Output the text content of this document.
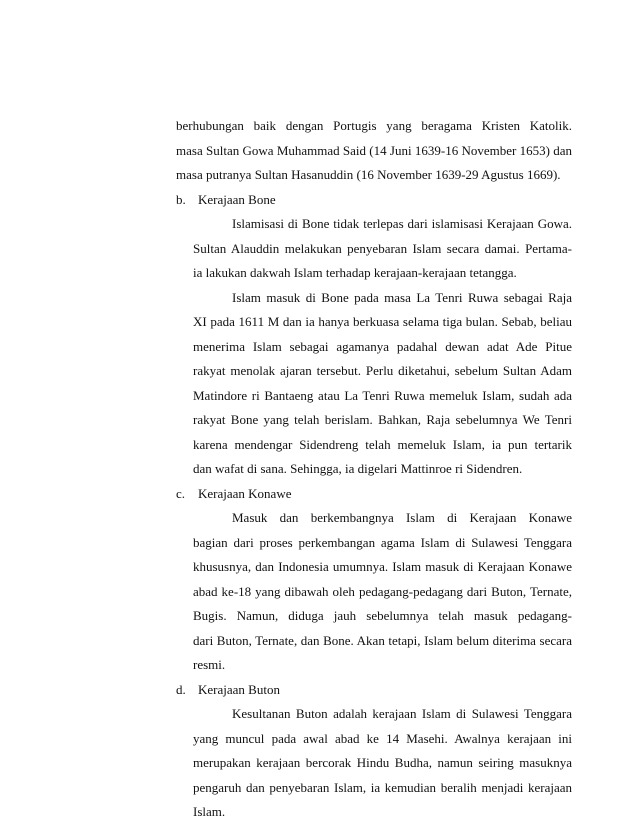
berhubungan baik dengan Portugis yang beragama Kristen Katolik.
masa Sultan Gowa Muhammad Said (14 Juni 1639-16 November 1653) dan
masa putranya Sultan Hasanuddin (16 November 1639-29 Agustus 1669).
b. Kerajaan Bone
Islamisasi di Bone tidak terlepas dari islamisasi Kerajaan Gowa.
Sultan Alauddin melakukan penyebaran Islam secara damai. Pertama-
ia lakukan dakwah Islam terhadap kerajaan-kerajaan tetangga.
Islam masuk di Bone pada masa La Tenri Ruwa sebagai Raja
XI pada 1611 M dan ia hanya berkuasa selama tiga bulan. Sebab, beliau
menerima Islam sebagai agamanya padahal dewan adat Ade Pitue
rakyat menolak ajaran tersebut. Perlu diketahui, sebelum Sultan Adam
Matindore ri Bantaeng atau La Tenri Ruwa memeluk Islam, sudah ada
rakyat Bone yang telah berislam. Bahkan, Raja sebelumnya We Tenri
karena mendengar Sidendreng telah memeluk Islam, ia pun tertarik
dan wafat di sana. Sehingga, ia digelari Mattinroe ri Sidendren.
c. Kerajaan Konawe
Masuk dan berkembangnya Islam di Kerajaan Konawe
bagian dari proses perkembangan agama Islam di Sulawesi Tenggara
khususnya, dan Indonesia umumnya. Islam masuk di Kerajaan Konawe
abad ke-18 yang dibawah oleh pedagang-pedagang dari Buton, Ternate,
Bugis. Namun, diduga jauh sebelumnya telah masuk pedagang-
dari Buton, Ternate, dan Bone. Akan tetapi, Islam belum diterima secara
resmi.
d. Kerajaan Buton
Kesultanan Buton adalah kerajaan Islam di Sulawesi Tenggara
yang muncul pada awal abad ke 14 Masehi. Awalnya kerajaan ini
merupakan kerajaan bercorak Hindu Budha, namun seiring masuknya
pengaruh dan penyebaran Islam, ia kemudian beralih menjadi kerajaan
Islam.
